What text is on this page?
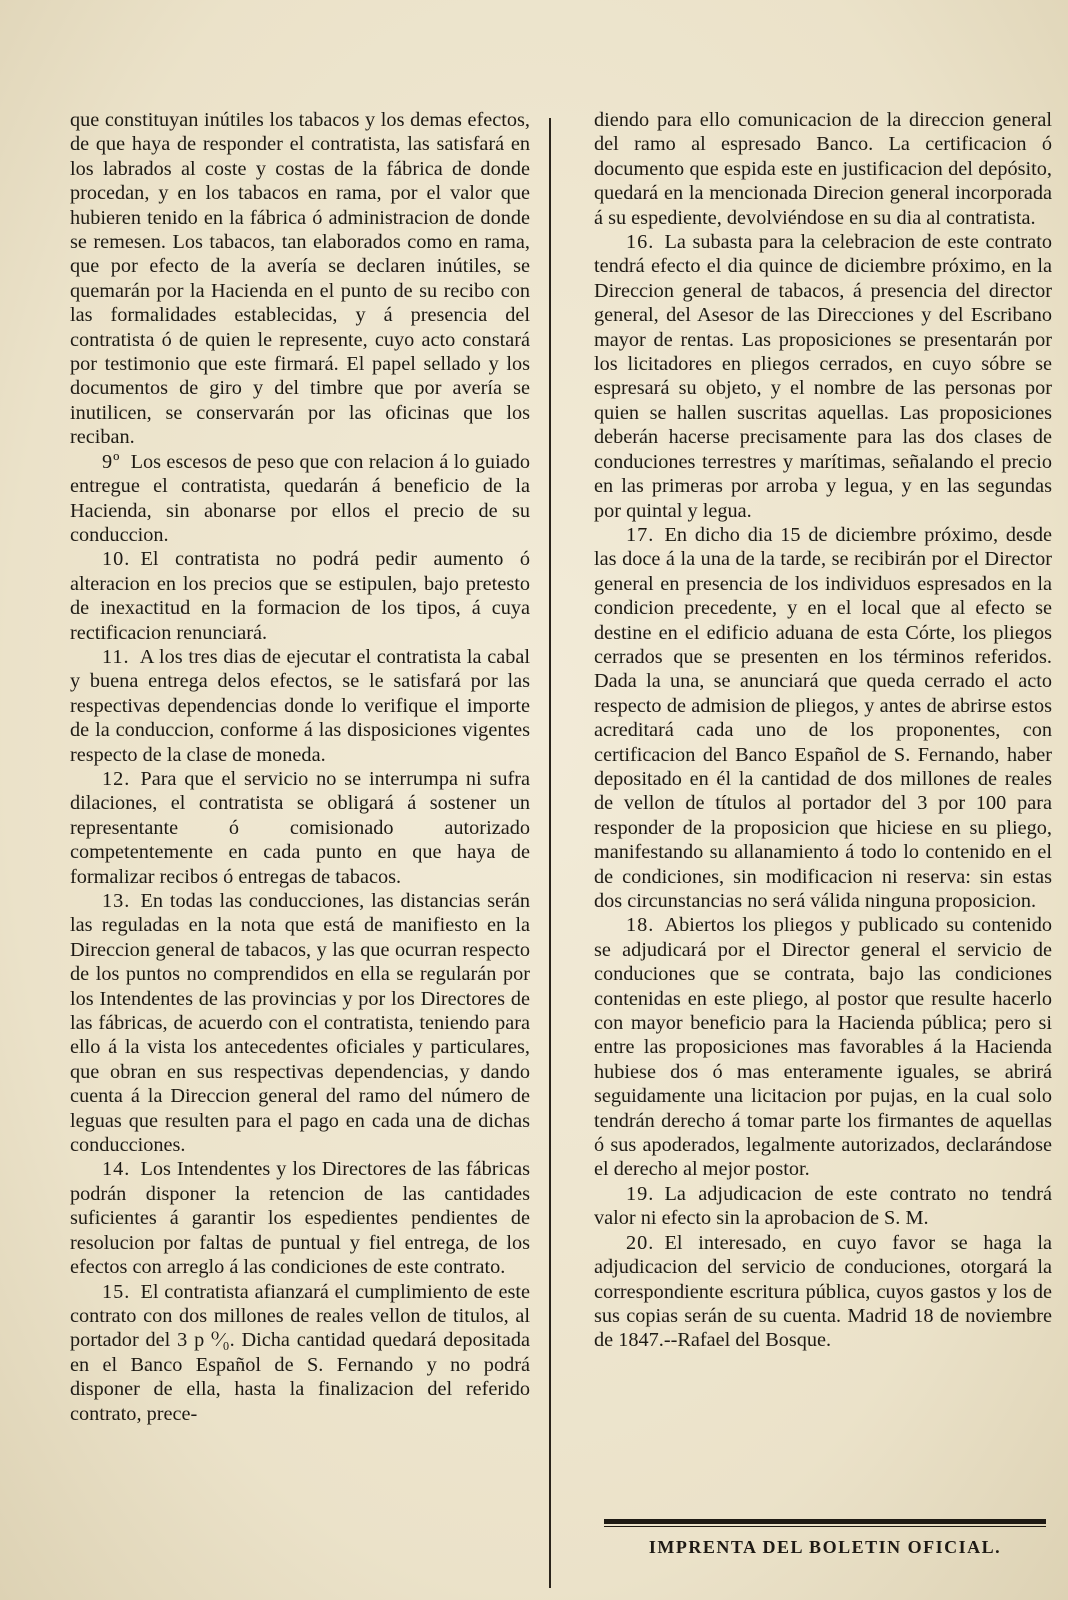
que constituyan inútiles los tabacos y los demas efectos, de que haya de responder el contratista, las satisfará en los labrados al coste y costas de la fábrica de donde procedan, y en los tabacos en rama, por el valor que hubieren tenido en la fábrica ó administracion de donde se remesen. Los tabacos, tan elaborados como en rama, que por efecto de la avería se declaren inútiles, se quemarán por la Hacienda en el punto de su recibo con las formalidades establecidas, y á presencia del contratista ó de quien le represente, cuyo acto constará por testimonio que este firmará. El papel sellado y los documentos de giro y del timbre que por avería se inutilicen, se conservarán por las oficinas que los reciban.

9º  Los escesos de peso que con relacion á lo guiado entregue el contratista, quedarán á beneficio de la Hacienda, sin abonarse por ellos el precio de su conduccion.

10.  El contratista no podrá pedir aumento ó alteracion en los precios que se estipulen, bajo pretesto de inexactitud en la formacion de los tipos, á cuya rectificacion renunciará.

11.  A los tres dias de ejecutar el contratista la cabal y buena entrega delos efectos, se le satisfará por las respectivas dependencias donde lo verifique el importe de la conduccion, conforme á las disposiciones vigentes respecto de la clase de moneda.

12.  Para que el servicio no se interrumpa ni sufra dilaciones, el contratista se obligará á sostener un representante ó comisionado autorizado competentemente en cada punto en que haya de formalizar recibos ó entregas de tabacos.

13.  En todas las conducciones, las distancias serán las reguladas en la nota que está de manifiesto en la Direccion general de tabacos, y las que ocurran respecto de los puntos no comprendidos en ella se regularán por los Intendentes de las provincias y por los Directores de las fábricas, de acuerdo con el contratista, teniendo para ello á la vista los antecedentes oficiales y particulares, que obran en sus respectivas dependencias, y dando cuenta á la Direccion general del ramo del número de leguas que resulten para el pago en cada una de dichas conducciones.

14.  Los Intendentes y los Directores de las fábricas podrán disponer la retencion de las cantidades suficientes á garantir los espedientes pendientes de resolucion por faltas de puntual y fiel entrega, de los efectos con arreglo á las condiciones de este contrato.

15.  El contratista afianzará el cumplimiento de este contrato con dos millones de reales vellon de titulos, al portador del 3 p ⁰⁄₀. Dicha cantidad quedará depositada en el Banco Español de S. Fernando y no podrá disponer de ella, hasta la finalizacion del referido contrato, prece-

diendo para ello comunicacion de la direccion general del ramo al espresado Banco. La certificacion ó documento que espida este en justificacion del depósito, quedará en la mencionada Direcion general incorporada á su espediente, devolviéndose en su dia al contratista.

16.  La subasta para la celebracion de este contrato tendrá efecto el dia quince de diciembre próximo, en la Direccion general de tabacos, á presencia del director general, del Asesor de las Direcciones y del Escribano mayor de rentas. Las proposiciones se presentarán por los licitadores en pliegos cerrados, en cuyo sóbre se espresará su objeto, y el nombre de las personas por quien se hallen suscritas aquellas. Las proposiciones deberán hacerse precisamente para las dos clases de conduciones terrestres y marítimas, señalando el precio en las primeras por arroba y legua, y en las segundas por quintal y legua.

17.  En dicho dia 15 de diciembre próximo, desde las doce á la una de la tarde, se recibirán por el Director general en presencia de los individuos espresados en la condicion precedente, y en el local que al efecto se destine en el edificio aduana de esta Córte, los pliegos cerrados que se presenten en los términos referidos. Dada la una, se anunciará que queda cerrado el acto respecto de admision de pliegos, y antes de abrirse estos acreditará cada uno de los proponentes, con certificacion del Banco Español de S. Fernando, haber depositado en él la cantidad de dos millones de reales de vellon de títulos al portador del 3 por 100 para responder de la proposicion que hiciese en su pliego, manifestando su allanamiento á todo lo contenido en el de condiciones, sin modificacion ni reserva: sin estas dos circunstancias no será válida ninguna proposicion.

18.  Abiertos los pliegos y publicado su contenido se adjudicará por el Director general el servicio de conduciones que se contrata, bajo las condiciones contenidas en este pliego, al postor que resulte hacerlo con mayor beneficio para la Hacienda pública; pero si entre las proposiciones mas favorables á la Hacienda hubiese dos ó mas enteramente iguales, se abrirá seguidamente una licitacion por pujas, en la cual solo tendrán derecho á tomar parte los firmantes de aquellas ó sus apoderados, legalmente autorizados, declarándose el derecho al mejor postor.

19.  La adjudicacion de este contrato no tendrá valor ni efecto sin la aprobacion de S. M.

20.  El interesado, en cuyo favor se haga la adjudicacion del servicio de conduciones, otorgará la correspondiente escritura pública, cuyos gastos y los de sus copias serán de su cuenta. Madrid 18 de noviembre de 1847.--Rafael del Bosque.

IMPRENTA DEL BOLETIN OFICIAL.
